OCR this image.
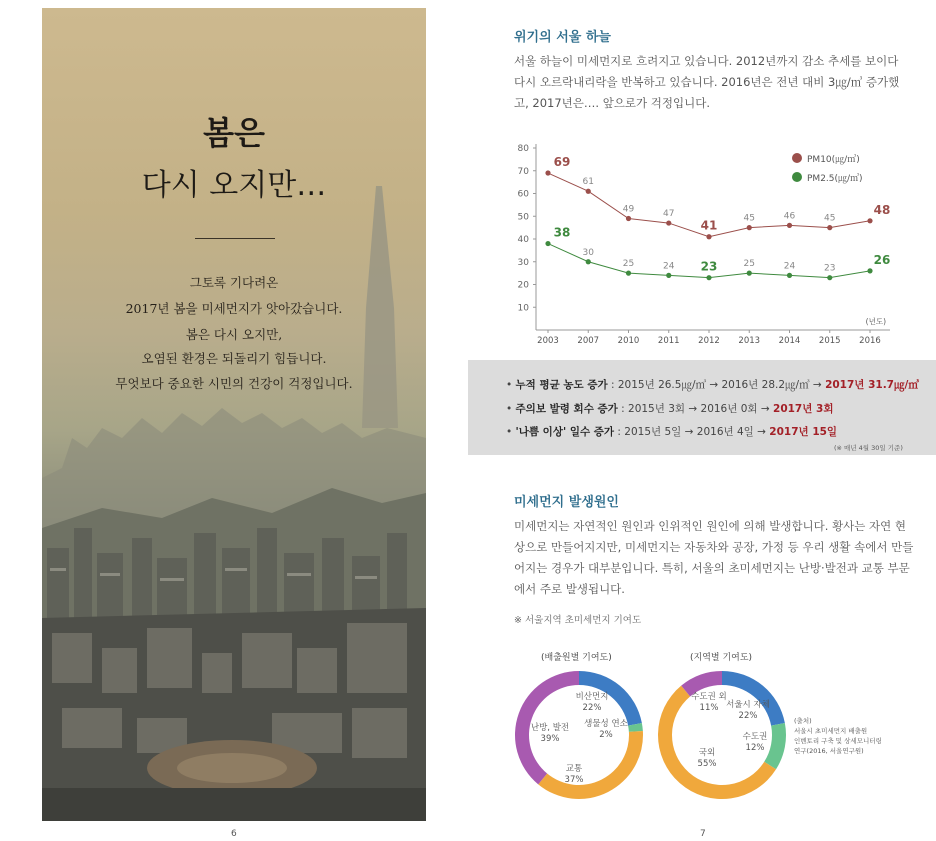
봄은
다시 오지만…
그토록 기다려온
2017년 봄을 미세먼지가 앗아갔습니다.
봄은 다시 오지만,
오염된 환경은 되돌리기 힘듭니다.
무엇보다 중요한 시민의 건강이 걱정입니다.
6
위기의 서울 하늘
서울 하늘이 미세먼지로 흐려지고 있습니다. 2012년까지 감소 추세를 보이다
다시 오르락내리락을 반복하고 있습니다. 2016년은 전년 대비 3㎍/㎥ 증가했
고, 2017년은…. 앞으로가 걱정입니다.
10
20
30
40
50
60
70
80
2003 2007 2010 2011 2012 2013 2014 2015 2016
(년도)
69
61
49	47
41
45	46	45
48
PM10(㎍/㎥)
38
30
25	24 23	25	24	23
26
PM2.5(㎍/㎥)
• 누적 평균 농도 증가 : 2015년 26.5㎍/㎥ → 2016년 28.2㎍/㎥ → 2017년 31.7㎍/㎥
• 주의보 발령 회수 증가 : 2015년 3회 → 2016년 0회 → 2017년 3회
• '나쁨 이상' 일수 증가 : 2015년 5일 → 2016년 4일 → 2017년 15일
(※ 매년 4월 30일 기준)
미세먼지 발생원인
미세먼지는 자연적인 원인과 인위적인 원인에 의해 발생합니다. 황사는 자연 현
상으로 만들어지지만, 미세먼지는 자동차와 공장, 가정 등 우리 생활 속에서 만들
어지는 경우가 대부분입니다. 특히, 서울의 초미세먼지는 난방·발전과 교통 부문
에서 주로 발생됩니다.
※ 서울지역 초미세먼지 기여도
(배출원별 기여도)	(지역별 기여도)
비산먼지
22%
생물성 연소
2%
교통
37%
난방, 발전
39%
서울시 자체
22%
수도권
12%
국외
55%
수도권 외
11%
(출처)
서울시 초미세먼지 배출원
인벤토리 구축 및 상세모니터링
연구(2016, 서울연구원)
7
